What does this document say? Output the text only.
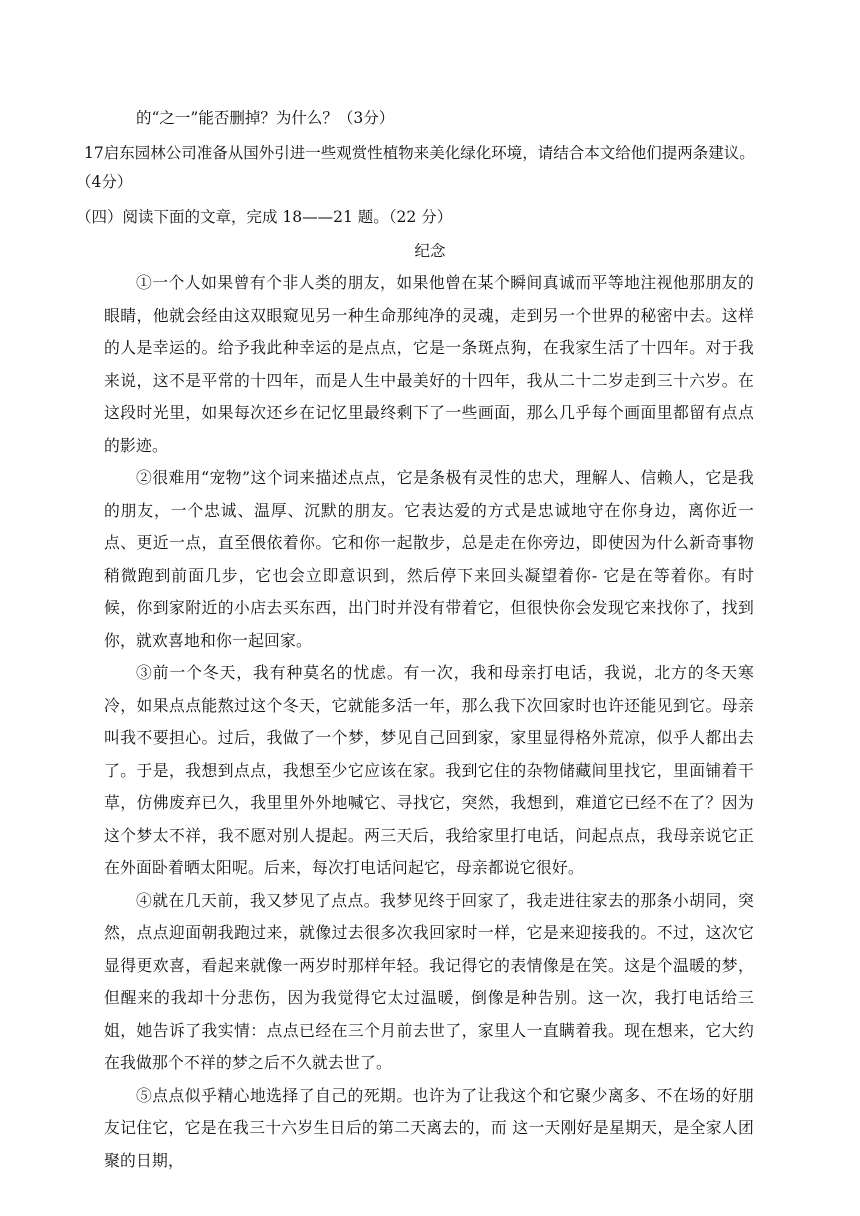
的“之一”能否删掉？为什么？（3分）

17启东园林公司准备从国外引进一些观赏性植物来美化绿化环境，请结合本文给他们提两条建议。

（4分）

（四）阅读下面的文章，完成 18——21 题。（22 分）

纪念

①一个人如果曾有个非人类的朋友，如果他曾在某个瞬间真诚而平等地注视他那朋友的眼睛，他就会经由这双眼窥见另一种生命那纯净的灵魂，走到另一个世界的秘密中去。这样的人是幸运的。给予我此种幸运的是点点，它是一条斑点狗，在我家生活了十四年。对于我来说，这不是平常的十四年，而是人生中最美好的十四年，我从二十二岁走到三十六岁。在这段时光里，如果每次还乡在记忆里最终剩下了一些画面，那么几乎每个画面里都留有点点的影迹。

②很难用“宠物”这个词来描述点点，它是条极有灵性的忠犬，理解人、信赖人，它是我的朋友，一个忠诚、温厚、沉默的朋友。它表达爱的方式是忠诚地守在你身边，离你近一点、更近一点，直至偎依着你。它和你一起散步，总是走在你旁边，即使因为什么新奇事物稍微跑到前面几步，它也会立即意识到，然后停下来回头凝望着你- 它是在等着你。有时候，你到家附近的小店去买东西，出门时并没有带着它，但很快你会发现它来找你了，找到你，就欢喜地和你一起回家。

③前一个冬天，我有种莫名的忧虑。有一次，我和母亲打电话，我说，北方的冬天寒冷，如果点点能熬过这个冬天，它就能多活一年，那么我下次回家时也许还能见到它。母亲叫我不要担心。过后，我做了一个梦，梦见自己回到家，家里显得格外荒凉，似乎人都出去了。于是，我想到点点，我想至少它应该在家。我到它住的杂物储藏间里找它，里面铺着干草，仿佛废弃已久，我里里外外地喊它、寻找它，突然，我想到，难道它已经不在了？因为这个梦太不祥，我不愿对别人提起。两三天后，我给家里打电话，问起点点，我母亲说它正在外面卧着晒太阳呢。后来，每次打电话问起它，母亲都说它很好。

④就在几天前，我又梦见了点点。我梦见终于回家了，我走进往家去的那条小胡同，突然，点点迎面朝我跑过来，就像过去很多次我回家时一样，它是来迎接我的。不过，这次它显得更欢喜，看起来就像一两岁时那样年轻。我记得它的表情像是在笑。这是个温暖的梦，但醒来的我却十分悲伤，因为我觉得它太过温暖，倒像是种告别。这一次，我打电话给三姐，她告诉了我实情：点点已经在三个月前去世了，家里人一直瞒着我。现在想来，它大约 在我做那个不祥的梦之后不久就去世了。

⑤点点似乎精心地选择了自己的死期。也许为了让我这个和它聚少离多、不在场的好朋友记住它，它是在我三十六岁生日后的第二天离去的，而 这一天刚好是星期天，是全家人团聚的日期，
